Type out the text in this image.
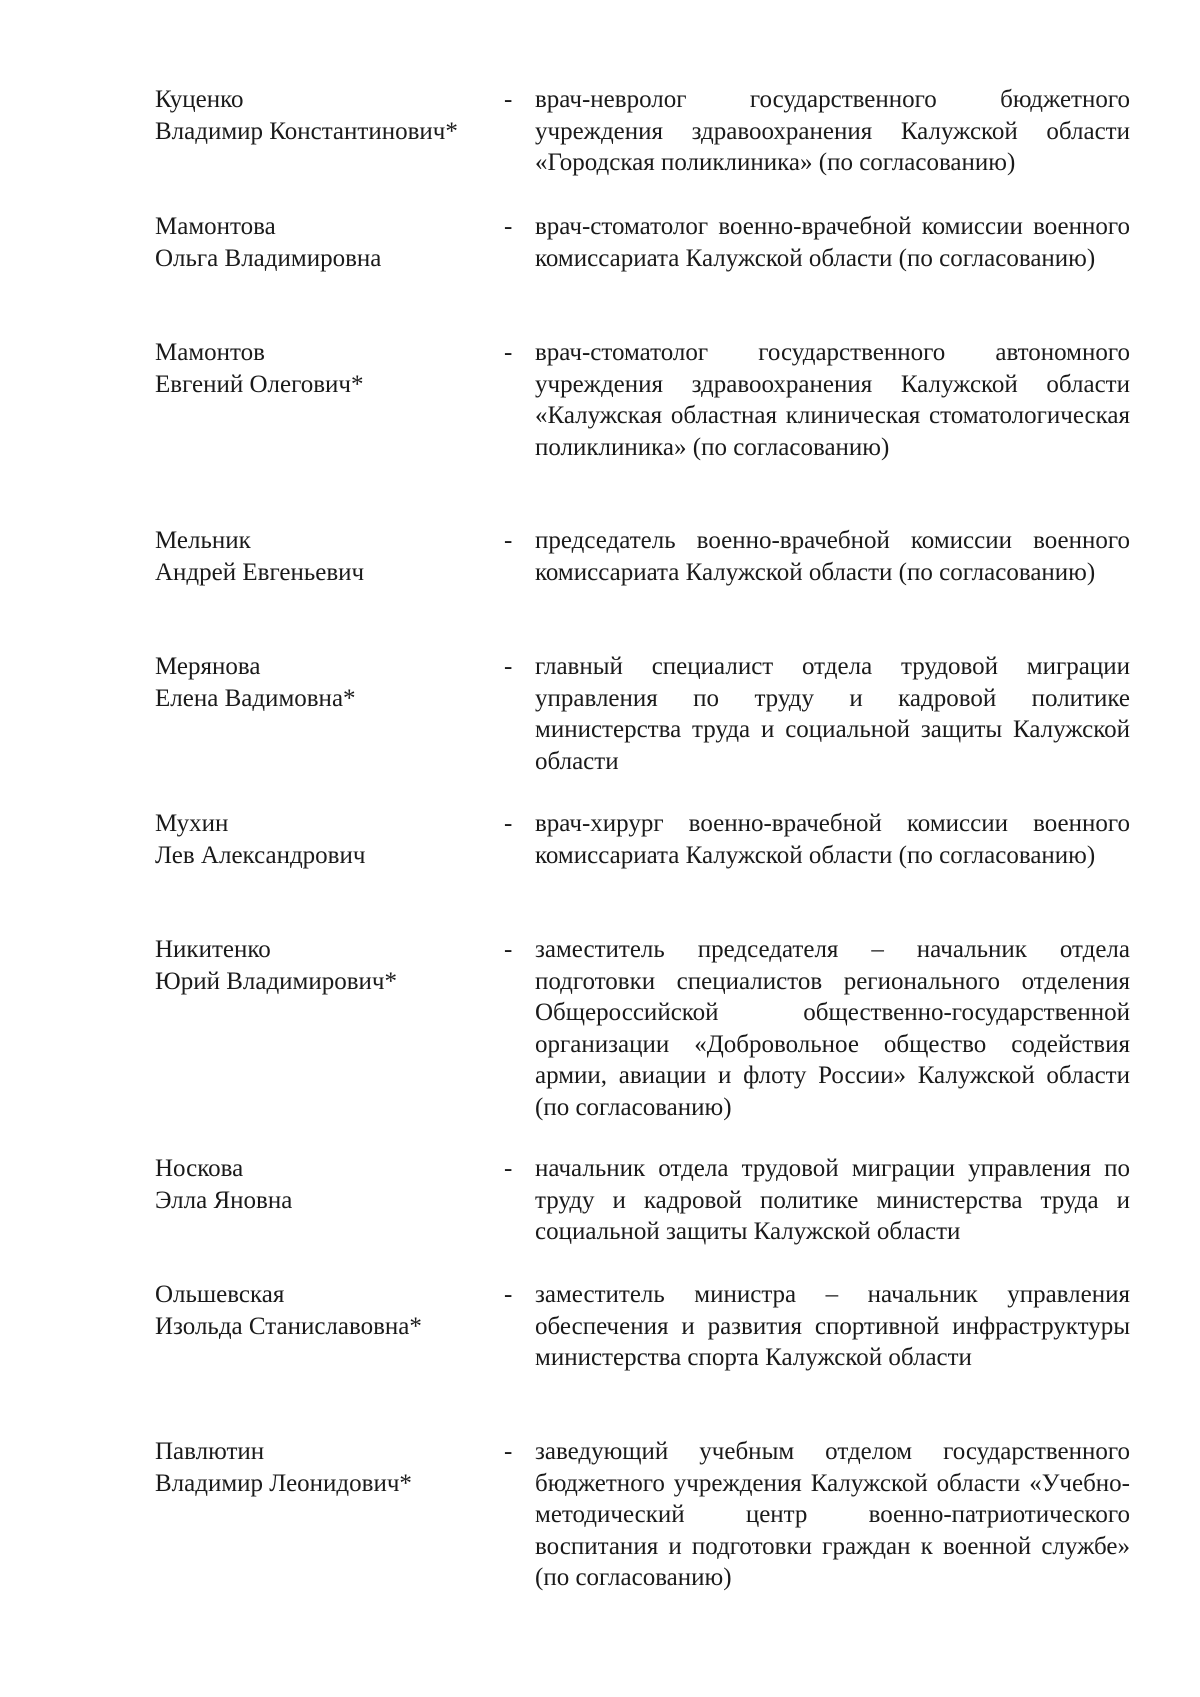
Куценко
Владимир Константинович*
- врач-невролог государственного бюджетного учреждения здравоохранения Калужской области «Городская поликлиника» (по согласованию)
Мамонтова
Ольга Владимировна
- врач-стоматолог военно-врачебной комиссии военного комиссариата Калужской области (по согласованию)
Мамонтов
Евгений Олегович*
- врач-стоматолог государственного автономного учреждения здравоохранения Калужской области «Калужская областная клиническая стоматологическая поликлиника» (по согласованию)
Мельник
Андрей Евгеньевич
- председатель военно-врачебной комиссии военного комиссариата Калужской области (по согласованию)
Мерянова
Елена Вадимовна*
- главный специалист отдела трудовой миграции управления по труду и кадровой политике министерства труда и социальной защиты Калужской области
Мухин
Лев Александрович
- врач-хирург военно-врачебной комиссии военного комиссариата Калужской области (по согласованию)
Никитенко
Юрий Владимирович*
- заместитель председателя – начальник отдела подготовки специалистов регионального отделения Общероссийской общественно-государственной организации «Добровольное общество содействия армии, авиации и флоту России» Калужской области (по согласованию)
Носкова
Элла Яновна
- начальник отдела трудовой миграции управления по труду и кадровой политике министерства труда и социальной защиты Калужской области
Ольшевская
Изольда Станиславовна*
- заместитель министра – начальник управления обеспечения и развития спортивной инфраструктуры министерства спорта Калужской области
Павлютин
Владимир Леонидович*
- заведующий учебным отделом государственного бюджетного учреждения Калужской области «Учебно-методический центр военно-патриотического воспитания и подготовки граждан к военной службе» (по согласованию)
